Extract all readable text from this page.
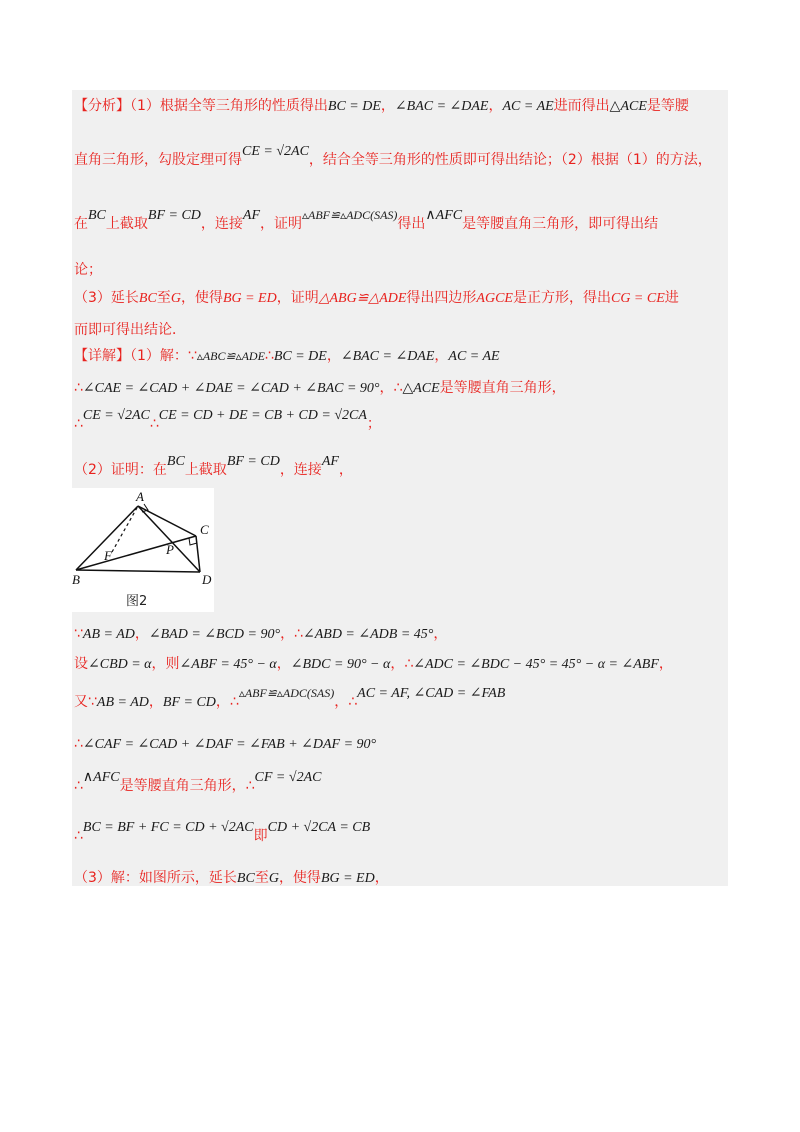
【分析】（1）根据全等三角形的性质得出BC = DE，∠BAC = ∠DAE，AC = AE进而得出△ACE是等腰
直角三角形，勾股定理可得CE = √2AC，结合全等三角形的性质即可得出结论；（2）根据（1）的方法，
在BC上截取BF = CD，连接AF，证明▵ABF≌▵ADC(SAS)得出∧AFC是等腰直角三角形，即可得出结
论；
（3）延长BC至G，使得BG = ED，证明△ABG≌△ADE得出四边形AGCE是正方形，得出CG = CE进
而即可得出结论．
【详解】（1）解：∵▵ABC≌▵ADE∴BC = DE，∠BAC = ∠DAE，AC = AE
∴∠CAE = ∠CAD + ∠DAE = ∠CAD + ∠BAC = 90°，∴△ACE是等腰直角三角形，
∴CE = √2AC∴CE = CD + DE = CB + CD = √2CA；
（2）证明：在BC上截取BF = CD，连接AF，
A
B
C
D
F	P
图2
∵AB = AD，∠BAD = ∠BCD = 90°，∴∠ABD = ∠ADB = 45°，
设∠CBD = α，则∠ABF = 45° − α，∠BDC = 90° − α，∴∠ADC = ∠BDC − 45° = 45° − α = ∠ABF，
又∵AB = AD，BF = CD，∴▵ABF≌▵ADC(SAS)，∴AC = AF, ∠CAD = ∠FAB
∴∠CAF = ∠CAD + ∠DAF = ∠FAB + ∠DAF = 90°
∴∧AFC是等腰直角三角形，∴CF = √2AC
∴BC = BF + FC = CD + √2AC即CD + √2CA = CB
（3）解：如图所示，延长BC至G，使得BG = ED，
